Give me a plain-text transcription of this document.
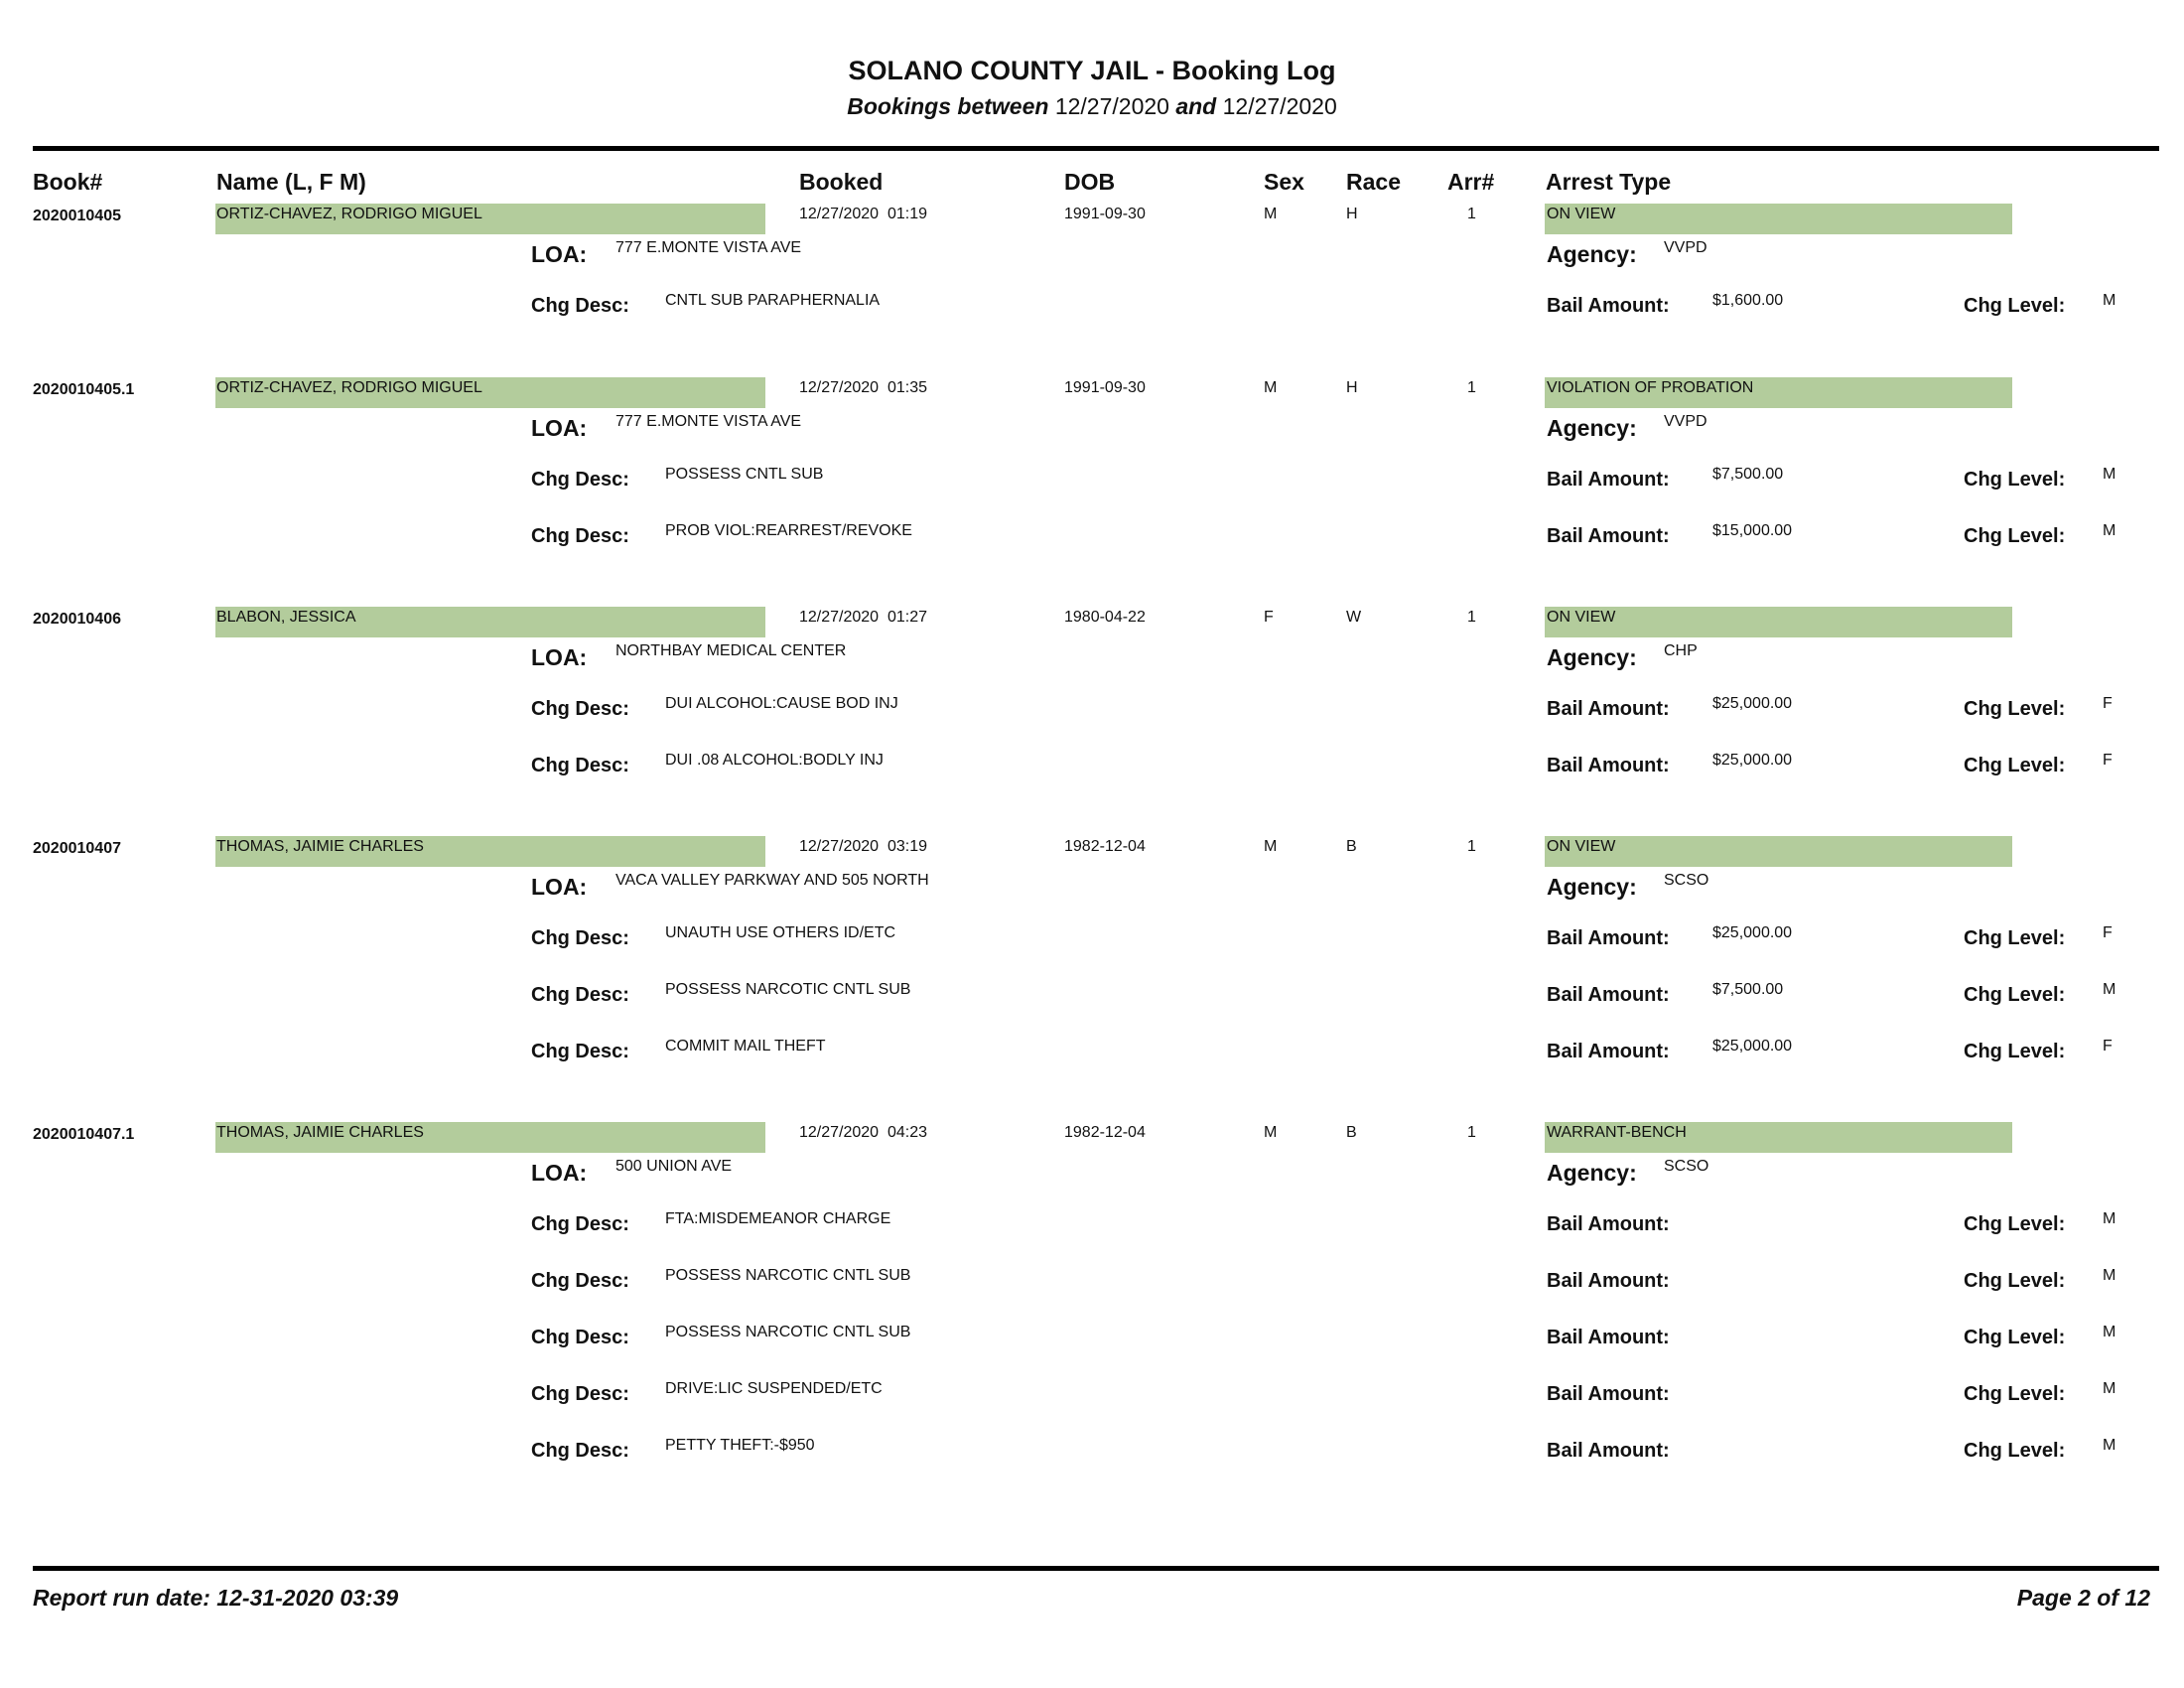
SOLANO COUNTY JAIL - Booking Log
Bookings between 12/27/2020 and 12/27/2020
Book#	Name (L, F M)	Booked	DOB	Sex Race Arr# Arrest Type
2020010405	ORTIZ-CHAVEZ, RODRIGO MIGUEL	12/27/2020  01:19	1991-09-30	M	H	1	ON VIEW
LOA: 777 E.MONTE VISTA AVE	Agency: VVPD
Chg Desc: CNTL SUB PARAPHERNALIA	Bail Amount:	$1,600.00	Chg Level: M
2020010405.1	ORTIZ-CHAVEZ, RODRIGO MIGUEL	12/27/2020  01:35	1991-09-30	M	H	1	VIOLATION OF PROBATION
LOA: 777 E.MONTE VISTA AVE	Agency: VVPD
Chg Desc: POSSESS CNTL SUB	Bail Amount:	$7,500.00	Chg Level: M
Chg Desc: PROB VIOL:REARREST/REVOKE	Bail Amount:	$15,000.00	Chg Level: M
2020010406	BLABON, JESSICA	12/27/2020  01:27	1980-04-22	F	W	1	ON VIEW
LOA: NORTHBAY MEDICAL CENTER	Agency: CHP
Chg Desc: DUI ALCOHOL:CAUSE BOD INJ	Bail Amount:	$25,000.00	Chg Level: F
Chg Desc: DUI .08 ALCOHOL:BODLY INJ	Bail Amount:	$25,000.00	Chg Level: F
2020010407	THOMAS, JAIMIE CHARLES	12/27/2020  03:19	1982-12-04	M	B	1	ON VIEW
LOA: VACA VALLEY PARKWAY AND 505 NORTH	Agency: SCSO
Chg Desc: UNAUTH USE OTHERS ID/ETC	Bail Amount:	$25,000.00	Chg Level: F
Chg Desc: POSSESS NARCOTIC CNTL SUB	Bail Amount:	$7,500.00	Chg Level: M
Chg Desc: COMMIT MAIL THEFT	Bail Amount:	$25,000.00	Chg Level: F
2020010407.1	THOMAS, JAIMIE CHARLES	12/27/2020  04:23	1982-12-04	M	B	1	WARRANT-BENCH
LOA: 500 UNION AVE	Agency: SCSO
Chg Desc: FTA:MISDEMEANOR CHARGE	Bail Amount:	Chg Level: M
Chg Desc: POSSESS NARCOTIC CNTL SUB	Bail Amount:	Chg Level: M
Chg Desc: POSSESS NARCOTIC CNTL SUB	Bail Amount:	Chg Level: M
Chg Desc: DRIVE:LIC SUSPENDED/ETC	Bail Amount:	Chg Level: M
Chg Desc: PETTY THEFT:-$950	Bail Amount:	Chg Level: M
Report run date: 12-31-2020 03:39	Page 2 of 12
